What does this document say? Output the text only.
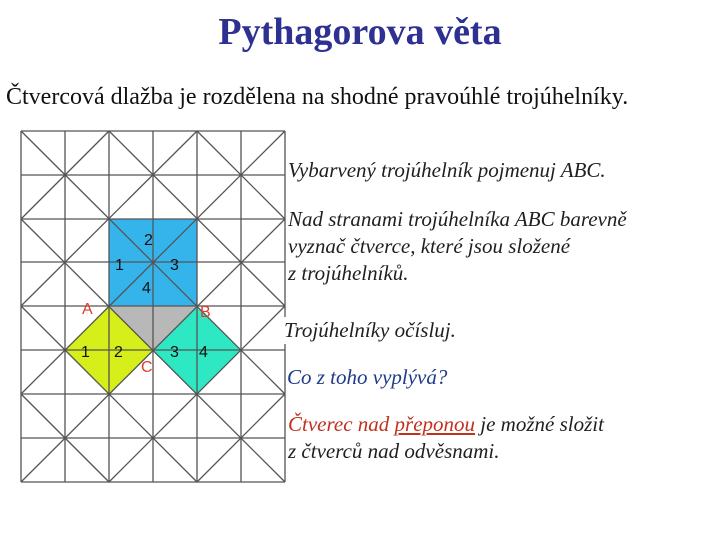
Pythagorova věta
Čtvercová dlažba je rozdělena na shodné pravoúhlé trojúhelníky.
1
2
3
4
1 2	3 4
A	B
C
Vybarvený trojúhelník pojmenuj ABC.
Nad stranami trojúhelníka ABC barevně
vyznač čtverce, které jsou složené
z trojúhelníků.
Trojúhelníky očísluj.
Co z toho vyplývá?
Čtverec nad přeponou je možné složit
z čtverců nad odvěsnami.
